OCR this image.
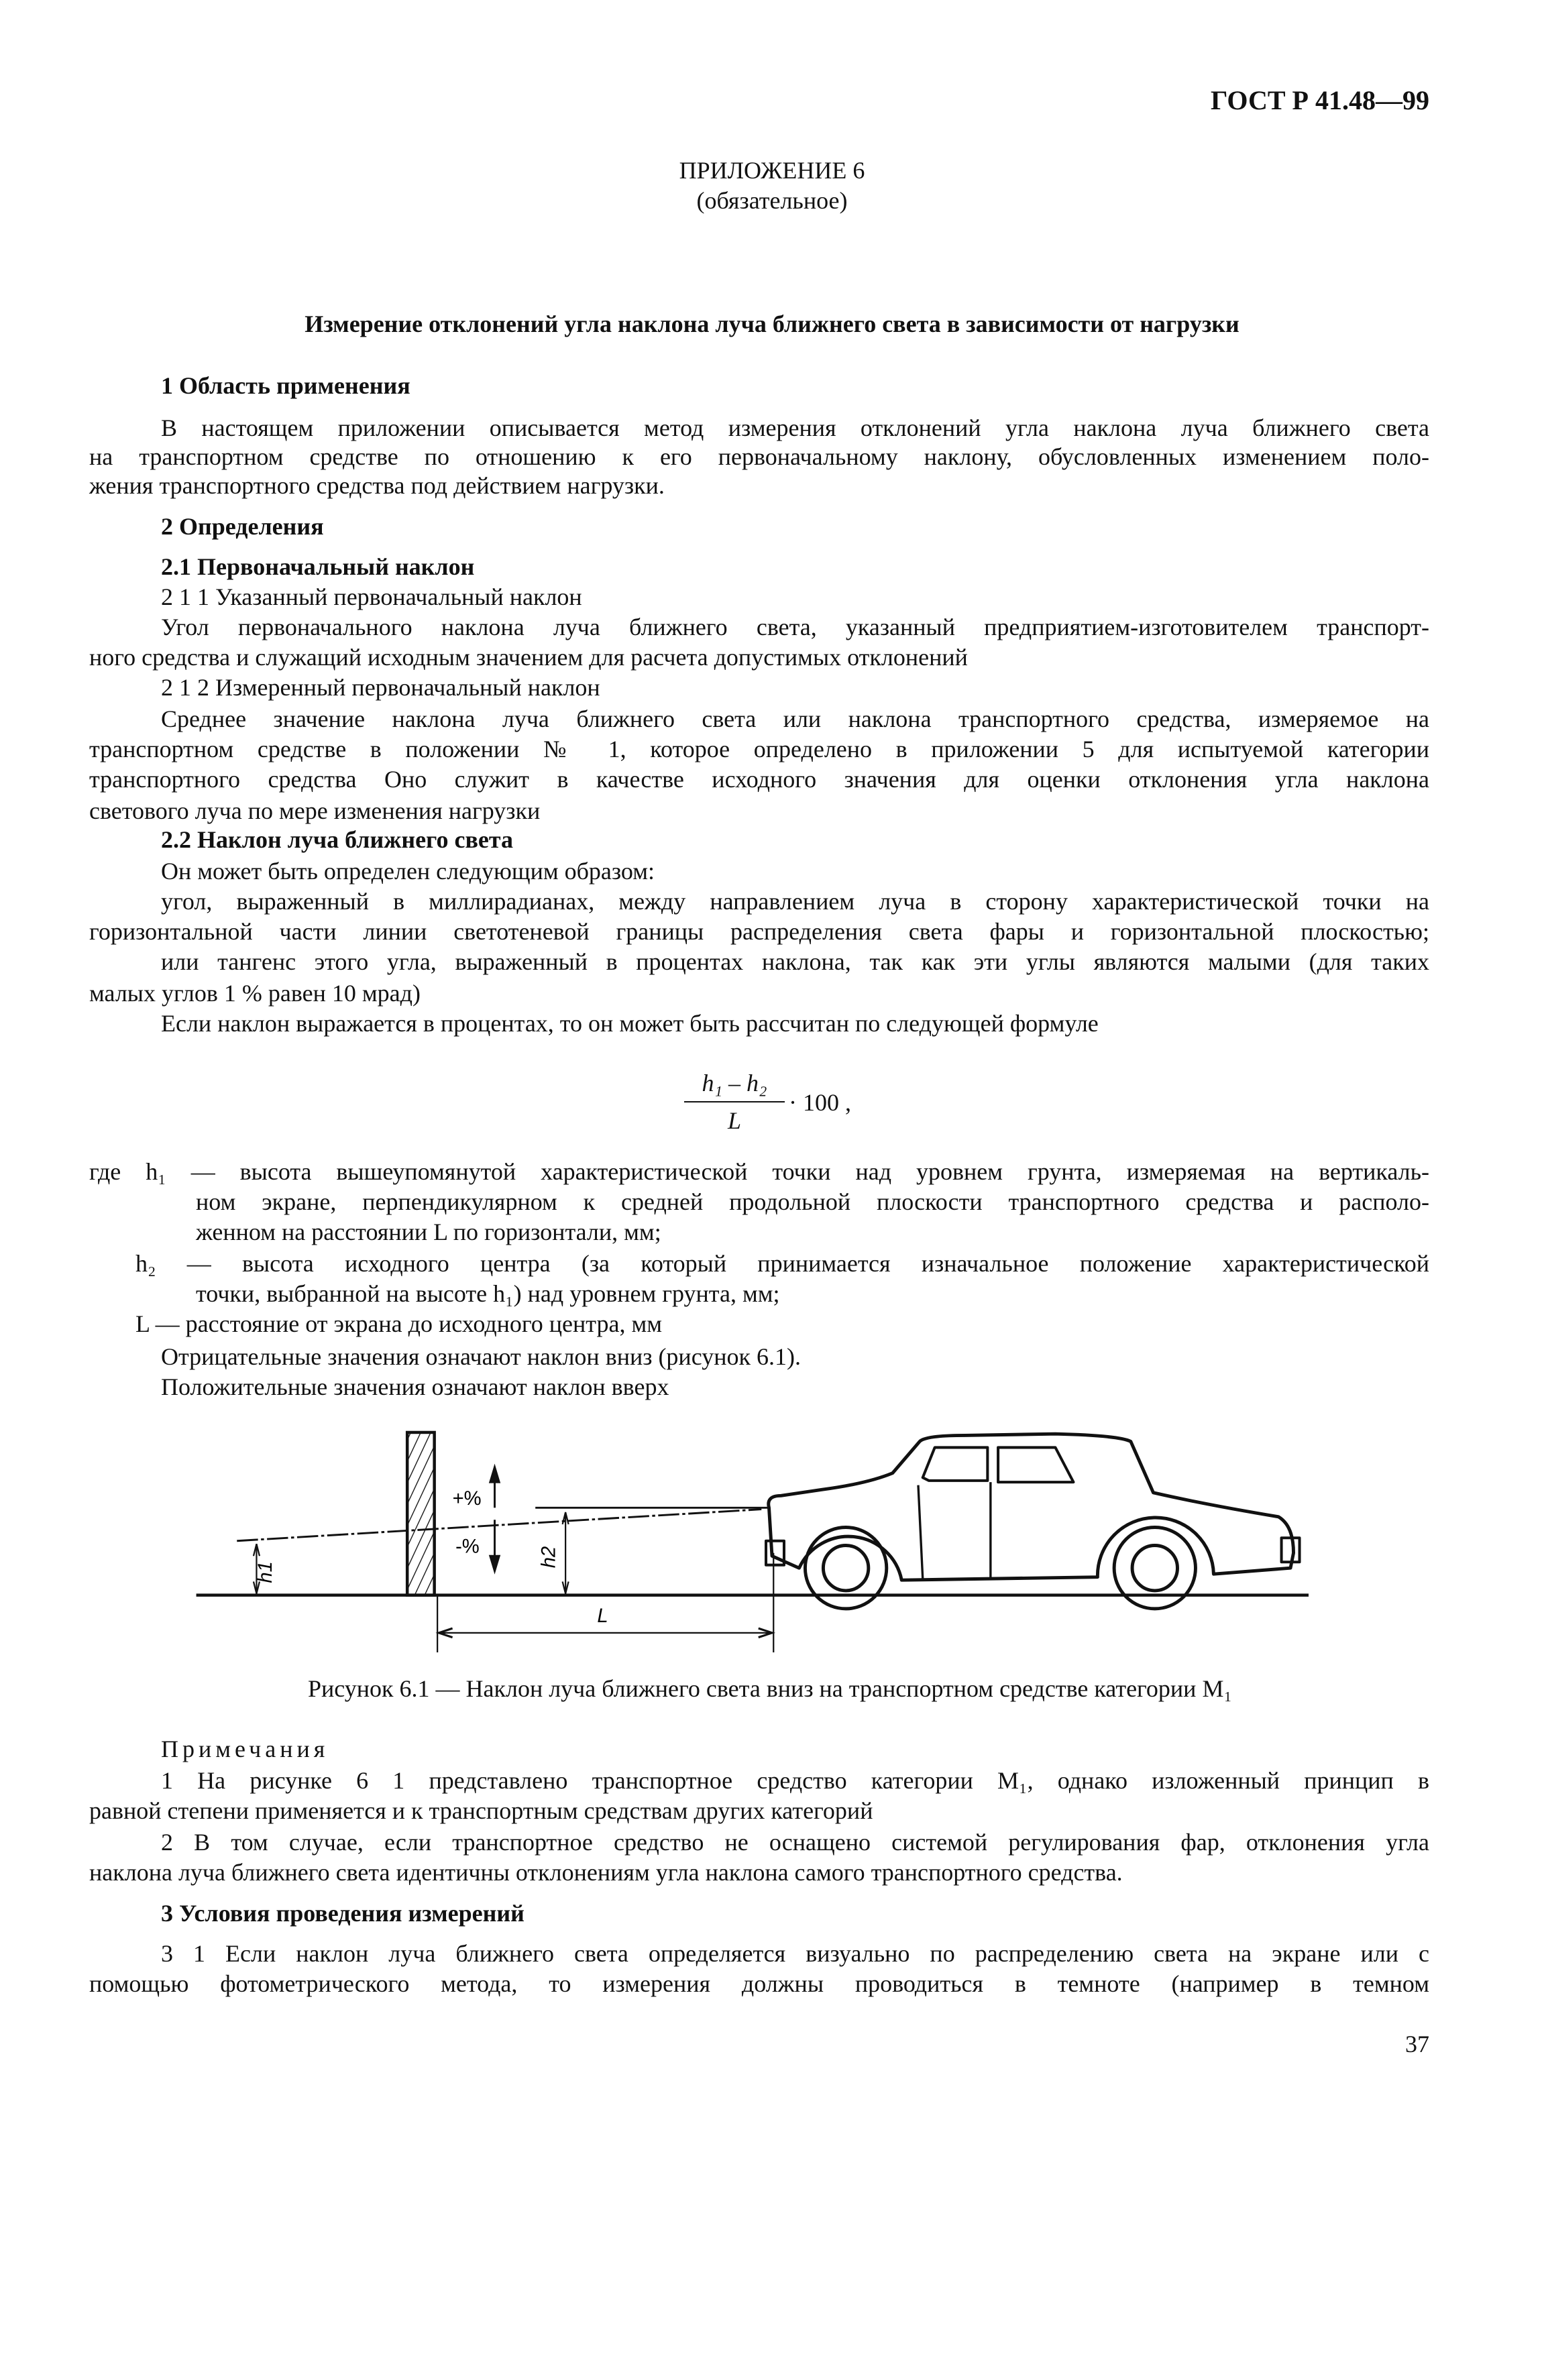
ГОСТ Р 41.48—99
ПРИЛОЖЕНИЕ 6
(обязательное)
Измерение отклонений угла наклона луча ближнего света в зависимости от нагрузки
1 Область применения
В настоящем приложении описывается метод измерения отклонений угла наклона луча ближнего света
на транспортном средстве по отношению к его первоначальному наклону, обусловленных изменением поло-
жения транспортного средства под действием нагрузки.
2 Определения
2.1 Первоначальный наклон
2 1 1 Указанный первоначальный наклон
Угол первоначального наклона луча ближнего света, указанный предприятием-изготовителем транспорт-
ного средства и служащий исходным значением для расчета допустимых отклонений
2 1 2 Измеренный первоначальный наклон
Среднее значение наклона луча ближнего света или наклона транспортного средства, измеряемое на
транспортном средстве в положении № 1, которое определено в приложении 5 для испытуемой категории
транспортного средства Оно служит в качестве исходного значения для оценки отклонения угла наклона
светового луча по мере изменения нагрузки
2.2 Наклон луча ближнего света
Он может быть определен следующим образом:
угол, выраженный в миллирадианах, между направлением луча в сторону характеристической точки на
горизонтальной части линии светотеневой границы распределения света фары и горизонтальной плоскостью;
или тангенс этого угла, выраженный в процентах наклона, так как эти углы являются малыми (для таких
малых углов 1 % равен 10 мрад)
Если наклон выражается в процентах, то он может быть рассчитан по следующей формуле
h₁ – h₂
L
· 100 ,
где h₁ — высота вышеупомянутой характеристической точки над уровнем грунта, измеряемая на вертикаль-
ном экране, перпендикулярном к средней продольной плоскости транспортного средства и располо-
женном на расстоянии L по горизонтали, мм;
h₂ — высота исходного центра (за который принимается изначальное положение характеристической
точки, выбранной на высоте h₁) над уровнем грунта, мм;
L — расстояние от экрана до исходного центра, мм
Отрицательные значения означают наклон вниз (рисунок 6.1).
Положительные значения означают наклон вверх
h1
+%
-%	h2
L
Рисунок 6.1 — Наклон луча ближнего света вниз на транспортном средстве категории M₁
Примечания
1 На рисунке 6 1 представлено транспортное средство категории M₁, однако изложенный принцип в
равной степени применяется и к транспортным средствам других категорий
2 В том случае, если транспортное средство не оснащено системой регулирования фар, отклонения угла
наклона луча ближнего света идентичны отклонениям угла наклона самого транспортного средства.
3 Условия проведения измерений
3 1 Если наклон луча ближнего света определяется визуально по распределению света на экране или с
помощью фотометрического метода, то измерения должны проводиться в темноте (например в темном
37
